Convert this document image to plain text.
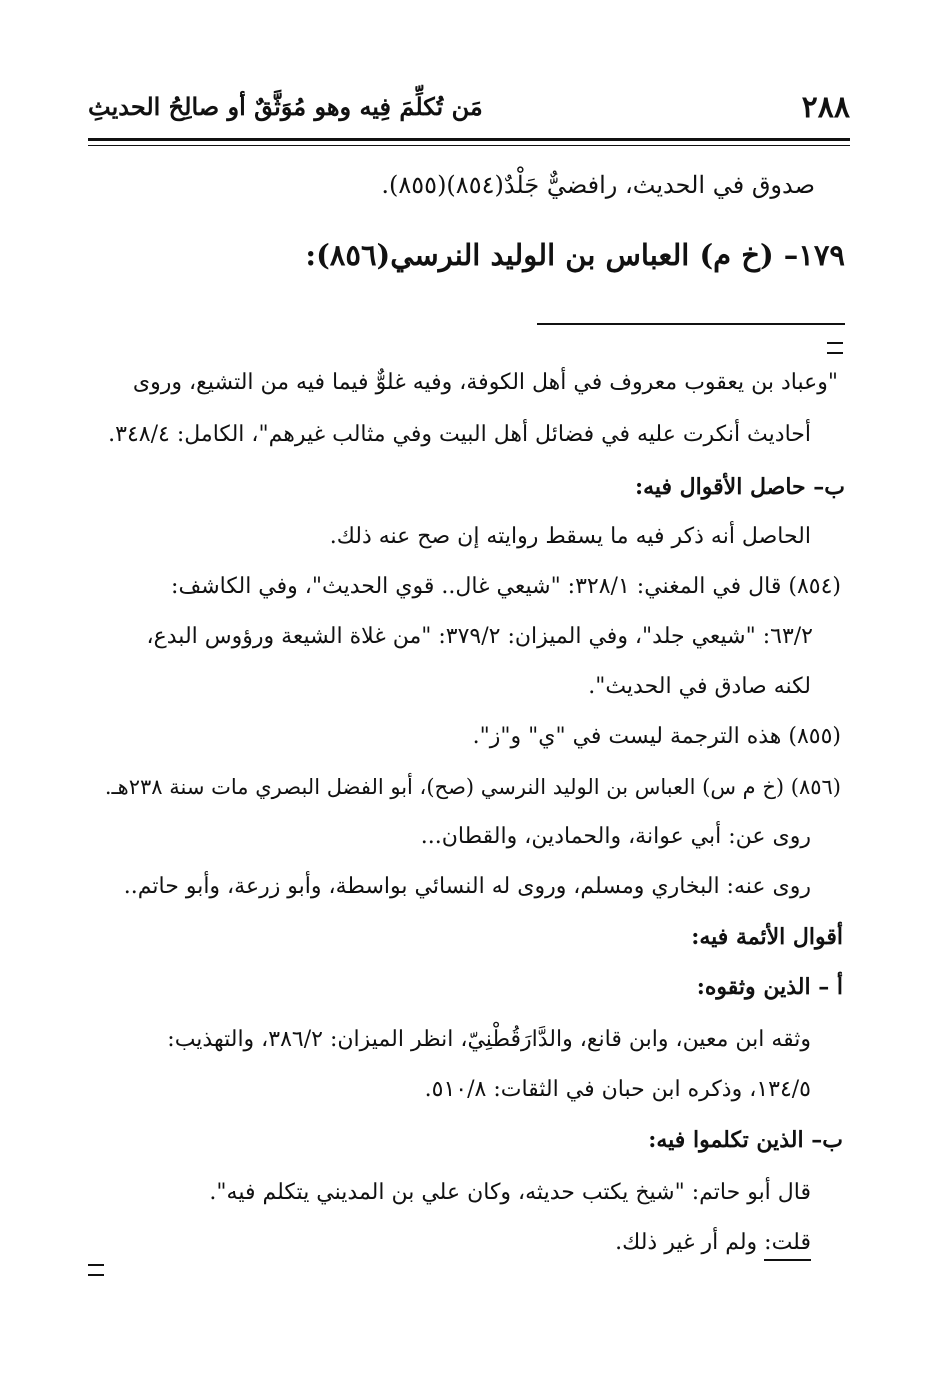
٢٨٨
مَن تُكلِّمَ فِيه وهو مُوَثَّقٌ أو صالِحُ الحديثِ
صدوق في الحديث، رافضيٌّ جَلْدٌ(٨٥٤)(٨٥٥).
١٧٩– (خ م) العباس بن الوليد النرسي(٨٥٦):
"وعباد بن يعقوب معروف في أهل الكوفة، وفيه غلوٌّ فيما فيه من التشيع، وروى
أحاديث أنكرت عليه في فضائل أهل البيت وفي مثالب غيرهم"، الكامل: ٣٤٨/٤.
ب– حاصل الأقوال فيه:
الحاصل أنه ذكر فيه ما يسقط روايته إن صح عنه ذلك.
(٨٥٤) قال في المغني: ٣٢٨/١: "شيعي غال.. قوي الحديث"، وفي الكاشف:
٦٣/٢: "شيعي جلد"، وفي الميزان: ٣٧٩/٢: "من غلاة الشيعة ورؤوس البدع،
لكنه صادق في الحديث".
(٨٥٥) هذه الترجمة ليست في "ي" و"ز".
(٨٥٦) (خ م س) العباس بن الوليد النرسي (صح)، أبو الفضل البصري مات سنة ٢٣٨هـ.
روى عن: أبي عوانة، والحمادين، والقطان...
روى عنه: البخاري ومسلم، وروى له النسائي بواسطة، وأبو زرعة، وأبو حاتم..
أقوال الأئمة فيه:
أ – الذين وثقوه:
وثقه ابن معين، وابن قانع، والدَّارَقُطْنِيّ، انظر الميزان: ٣٨٦/٢، والتهذيب:
١٣٤/٥، وذكره ابن حبان في الثقات: ٥١٠/٨.
ب– الذين تكلموا فيه:
قال أبو حاتم: "شيخ يكتب حديثه، وكان علي بن المديني يتكلم فيه".
قلت: ولم أر غير ذلك.
